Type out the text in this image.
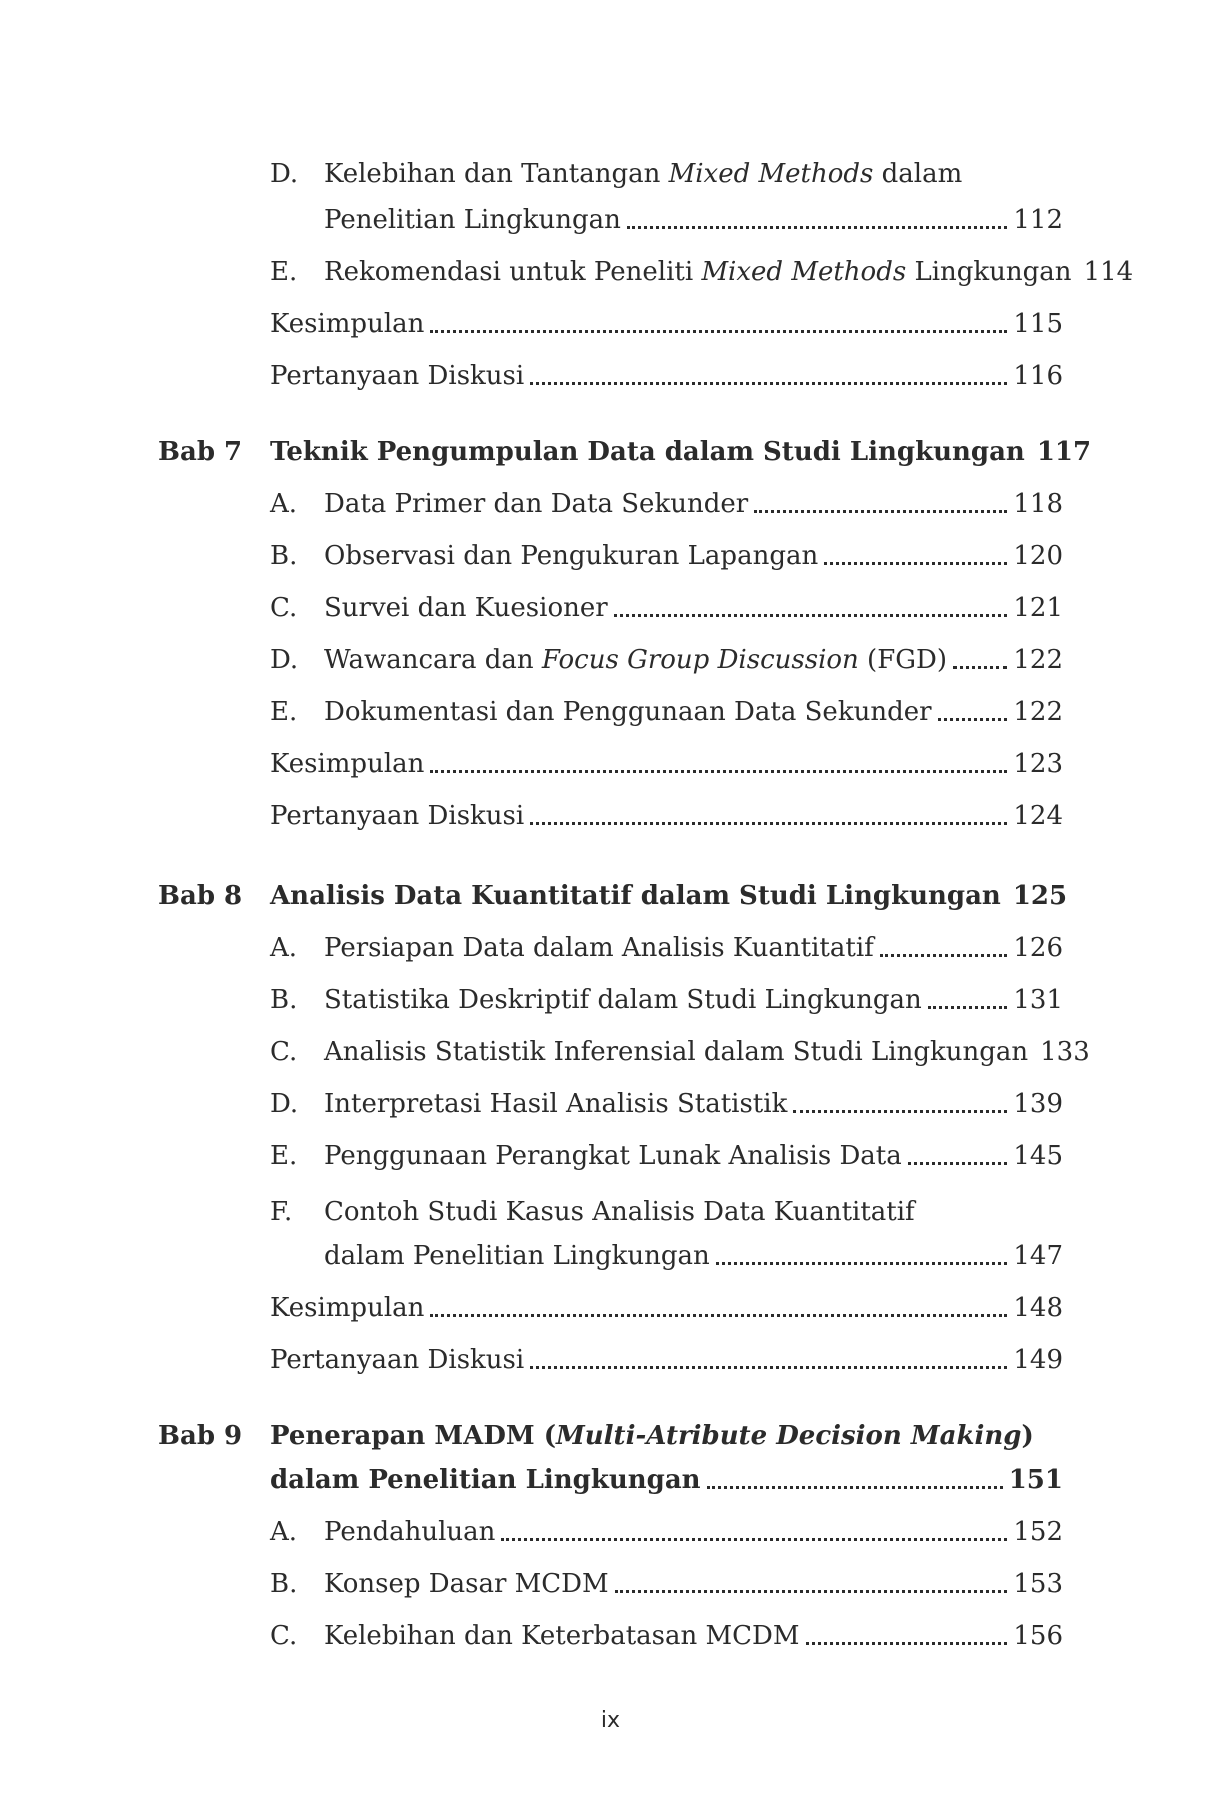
D. Kelebihan dan Tantangan Mixed Methods dalam
Penelitian Lingkungan	112
E. Rekomendasi untuk Peneliti Mixed Methods Lingkungan 114
Kesimpulan	115
Pertanyaan Diskusi	116
Bab 7 Teknik Pengumpulan Data dalam Studi Lingkungan 117
A. Data Primer dan Data Sekunder	118
B. Observasi dan Pengukuran Lapangan	120
C. Survei dan Kuesioner	121
D. Wawancara dan Focus Group Discussion (FGD)	122
E. Dokumentasi dan Penggunaan Data Sekunder	122
Kesimpulan	123
Pertanyaan Diskusi	124
Bab 8 Analisis Data Kuantitatif dalam Studi Lingkungan 125
A. Persiapan Data dalam Analisis Kuantitatif	126
B. Statistika Deskriptif dalam Studi Lingkungan	131
C. Analisis Statistik Inferensial dalam Studi Lingkungan 133
D. Interpretasi Hasil Analisis Statistik	139
E. Penggunaan Perangkat Lunak Analisis Data	145
F. Contoh Studi Kasus Analisis Data Kuantitatif
dalam Penelitian Lingkungan	147
Kesimpulan	148
Pertanyaan Diskusi	149
Bab 9 Penerapan MADM (Multi-Atribute Decision Making)
dalam Penelitian Lingkungan	151
A. Pendahuluan	152
B. Konsep Dasar MCDM	153
C. Kelebihan dan Keterbatasan MCDM	156
ix
